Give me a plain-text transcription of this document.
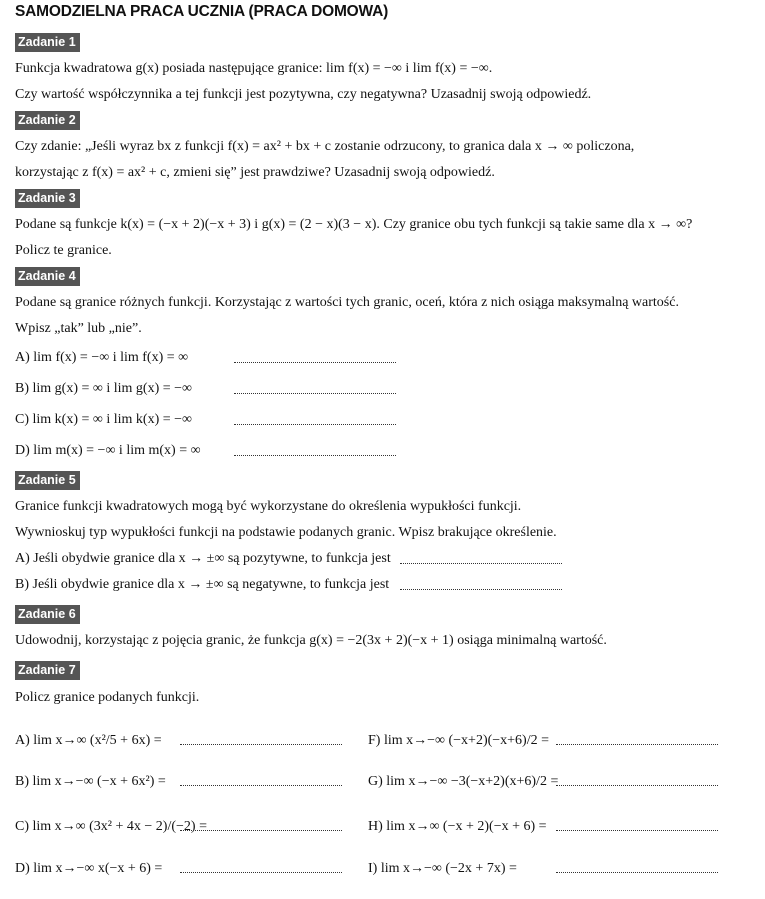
SAMODZIELNA PRACA UCZNIA (PRACA DOMOWA)
Zadanie 1
Funkcja kwadratowa g(x) posiada następujące granice: lim f(x) = −∞ i lim f(x) = −∞.
Czy wartość współczynnika a tej funkcji jest pozytywna, czy negatywna? Uzasadnij swoją odpowiedź.
Zadanie 2
Czy zdanie: „Jeśli wyraz bx z funkcji f(x) = ax² + bx + c zostanie odrzucony, to granica dala x → ∞ policzona,
korzystając z f(x) = ax² + c, zmieni się” jest prawdziwe? Uzasadnij swoją odpowiedź.
Zadanie 3
Podane są funkcje k(x) = (−x + 2)(−x + 3) i g(x) = (2 − x)(3 − x). Czy granice obu tych funkcji są takie same dla x → ∞?
Policz te granice.
Zadanie 4
Podane są granice różnych funkcji. Korzystając z wartości tych granic, oceń, która z nich osiąga maksymalną wartość.
Wpisz „tak” lub „nie”.
A) lim f(x) = −∞ i lim f(x) = ∞
B) lim g(x) = ∞ i lim g(x) = −∞
C) lim k(x) = ∞ i lim k(x) = −∞
D) lim m(x) = −∞ i lim m(x) = ∞
Zadanie 5
Granice funkcji kwadratowych mogą być wykorzystane do określenia wypukłości funkcji.
Wywnioskuj typ wypukłości funkcji na podstawie podanych granic. Wpisz brakujące określenie.
A) Jeśli obydwie granice dla x → ±∞ są pozytywne, to funkcja jest
B) Jeśli obydwie granice dla x → ±∞ są negatywne, to funkcja jest
Zadanie 6
Udowodnij, korzystając z pojęcia granic, że funkcja g(x) = −2(3x + 2)(−x + 1) osiąga minimalną wartość.
Zadanie 7
Policz granice podanych funkcji.
A) lim x→∞ (x²/5 + 6x) =
B) lim x→−∞ (−x + 6x²) =
C) lim x→∞ (3x² + 4x − 2)/(−2) =
D) lim x→−∞ x(−x + 6) =
F) lim x→−∞ (−x+2)(−x+6)/2 =
G) lim x→−∞ −3(−x+2)(x+6)/2 =
H) lim x→∞ (−x + 2)(−x + 6) =
I) lim x→−∞ (−2x + 7x) =
